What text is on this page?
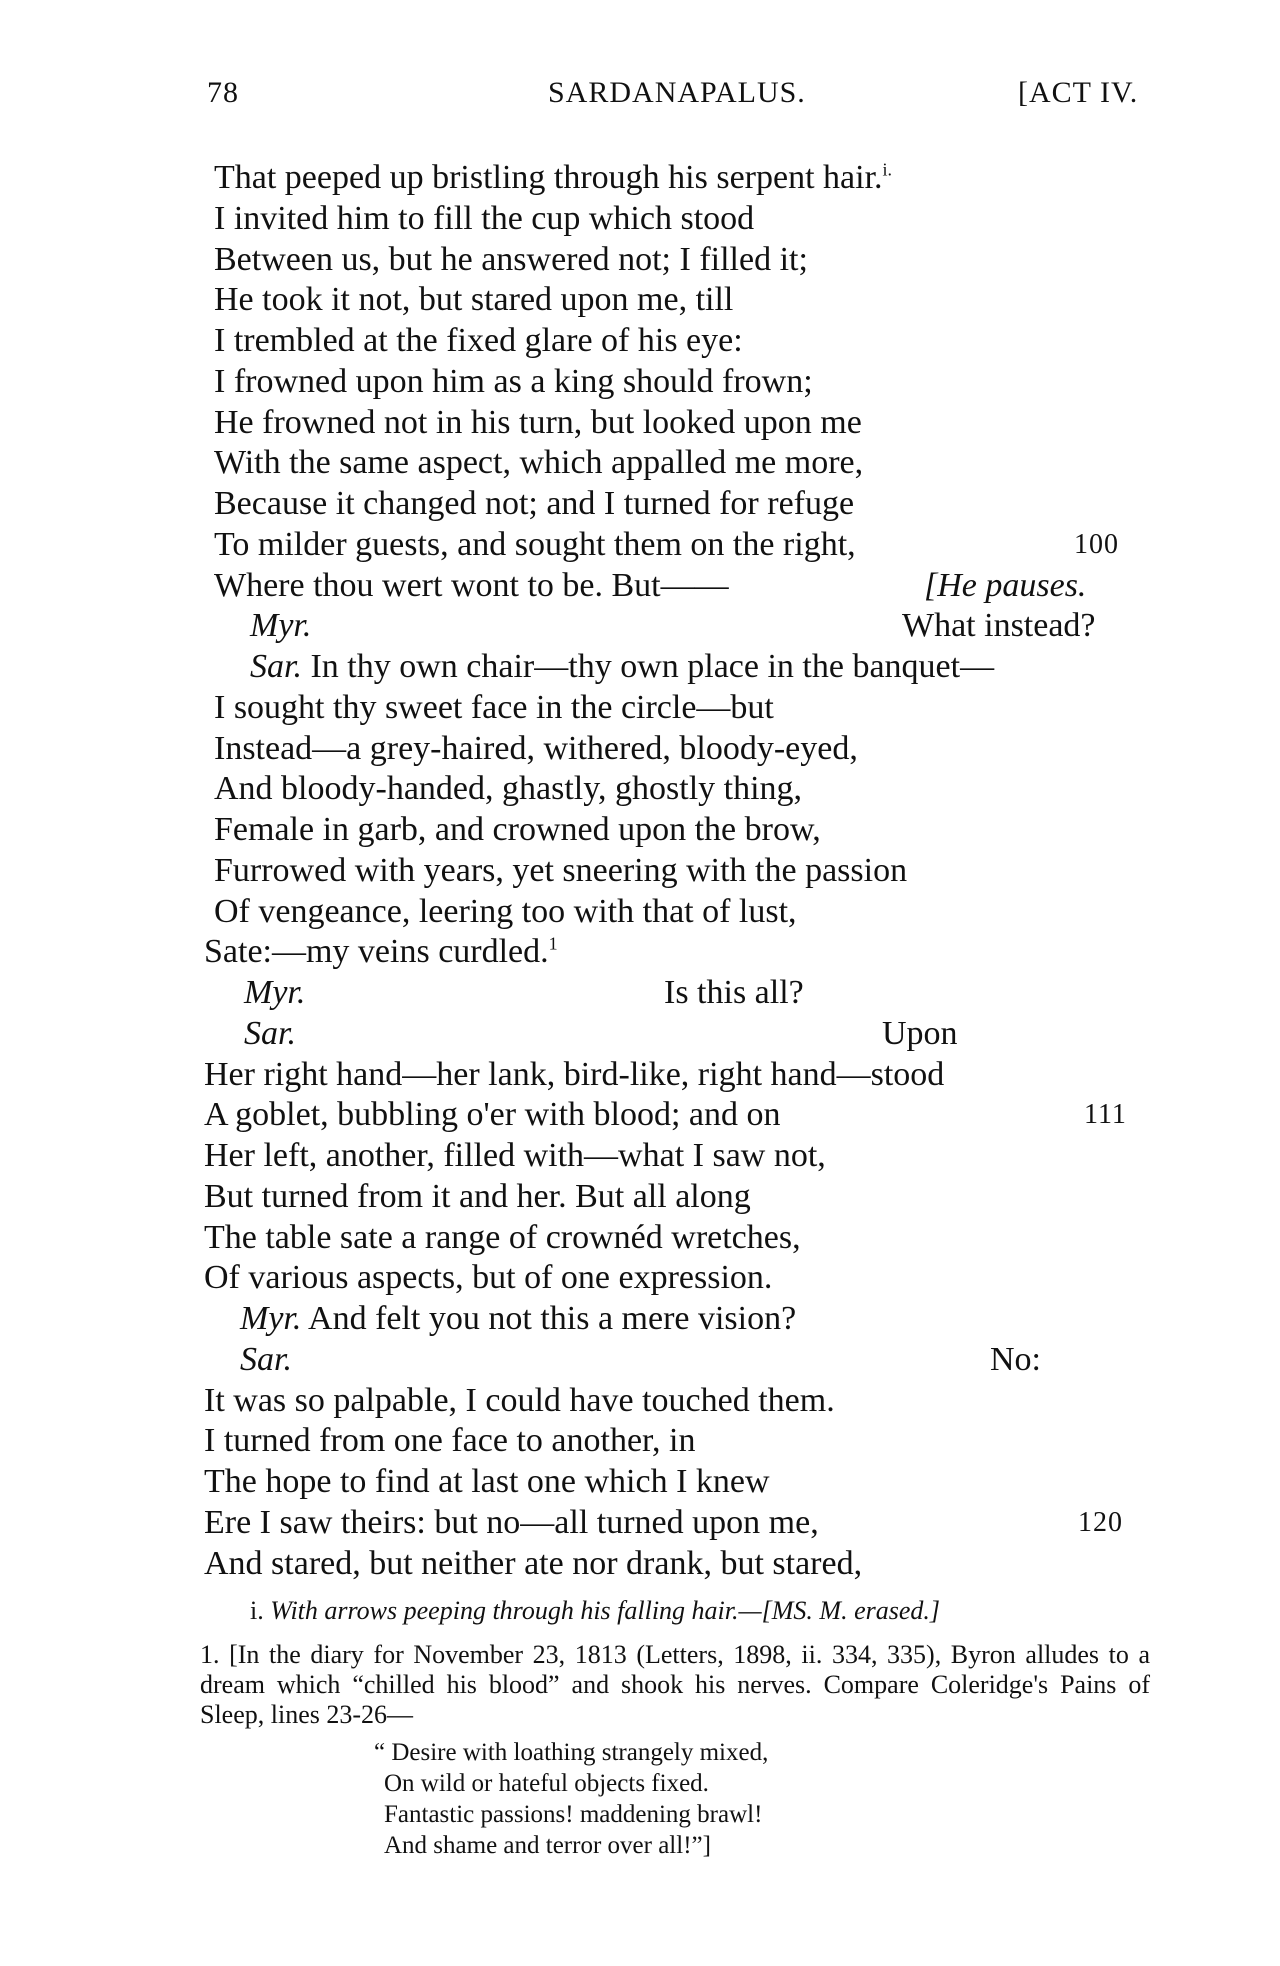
78	SARDANAPALUS.	[ACT IV.
That peeped up bristling through his serpent hair.$^{i.}$
I invited him to fill the cup which stood
Between us, but he answered not; I filled it;
He took it not, but stared upon me, till
I trembled at the fixed glare of his eye:
I frowned upon him as a king should frown;
He frowned not in his turn, but looked upon me
With the same aspect, which appalled me more,
Because it changed not; and I turned for refuge
To milder guests, and sought them on the right,	100
Where thou wert wont to be. But——	[He pauses.
Myr.	What instead?
Sar. In thy own chair—thy own place in the banquet—
I sought thy sweet face in the circle—but
Instead—a grey-haired, withered, bloody-eyed,
And bloody-handed, ghastly, ghostly thing,
Female in garb, and crowned upon the brow,
Furrowed with years, yet sneering with the passion
Of vengeance, leering too with that of lust,
Sate:—my veins curdled.$^1$
Myr.	Is this all?
Sar.	Upon
Her right hand—her lank, bird-like, right hand—stood
A goblet, bubbling o'er with blood; and on	111
Her left, another, filled with—what I saw not,
But turned from it and her. But all along
The table sate a range of crownéd wretches,
Of various aspects, but of one expression.
Myr. And felt you not this a mere vision?
Sar.	No:
It was so palpable, I could have touched them.
I turned from one face to another, in
The hope to find at last one which I knew
Ere I saw theirs: but no—all turned upon me,	120
And stared, but neither ate nor drank, but stared,
i. With arrows peeping through his falling hair.—[MS. M. erased.]
1. [In the diary for November 23, 1813 (Letters, 1898, ii. 334, 335), Byron alludes to a dream which “chilled his blood” and shook his nerves. Compare Coleridge's Pains of Sleep, lines 23-26—
“ Desire with loathing strangely mixed,
On wild or hateful objects fixed.
Fantastic passions! maddening brawl!
And shame and terror over all!”]
